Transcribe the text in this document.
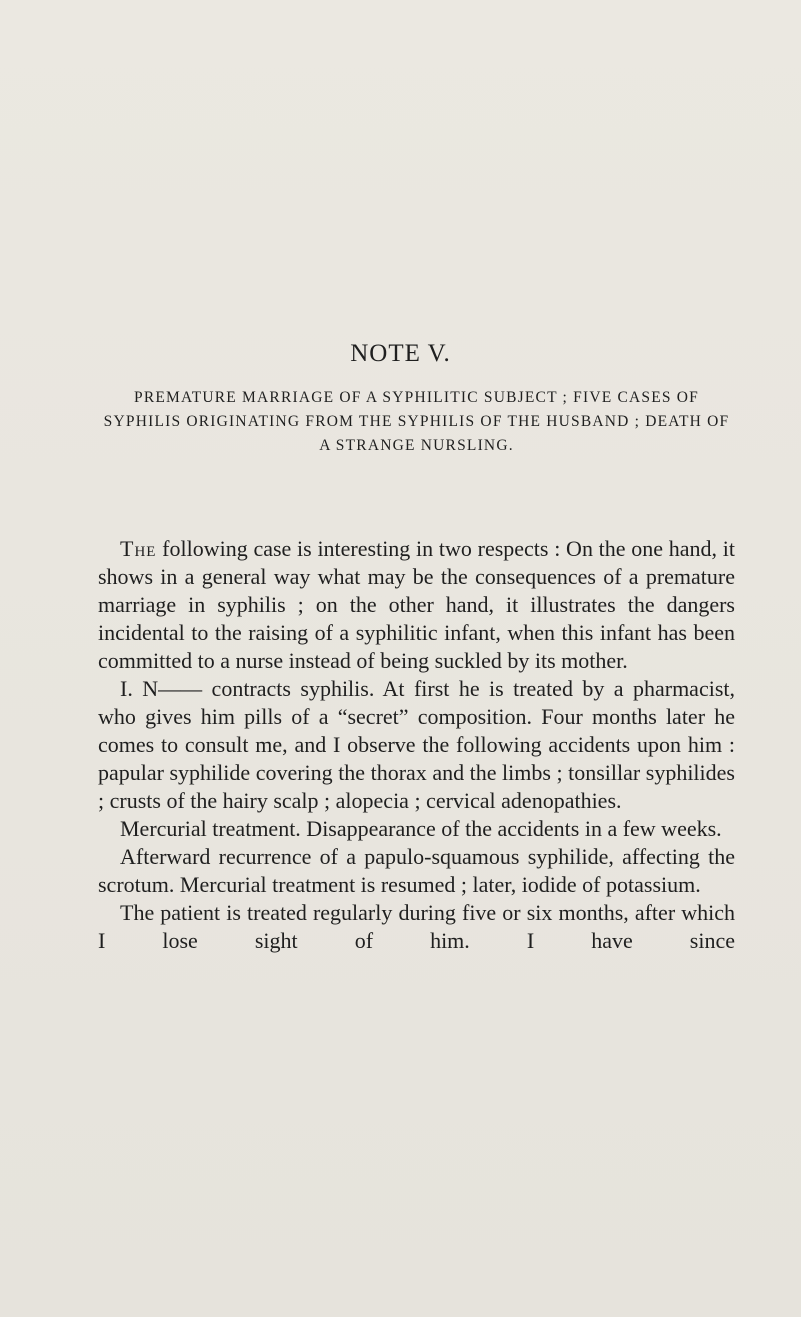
NOTE V.

PREMATURE MARRIAGE OF A SYPHILITIC SUBJECT ; FIVE CASES OF SYPHILIS ORIGINATING FROM THE SYPHILIS OF THE HUSBAND ; DEATH OF A STRANGE NURSLING.

The following case is interesting in two respects : On the one hand, it shows in a general way what may be the consequences of a premature marriage in syphilis ; on the other hand, it illustrates the dangers incidental to the raising of a syphilitic infant, when this infant has been committed to a nurse instead of being suckled by its mother.

I. N—— contracts syphilis. At first he is treated by a pharmacist, who gives him pills of a “secret” composition. Four months later he comes to consult me, and I observe the following accidents upon him : papular syphilide covering the thorax and the limbs ; tonsillar syphilides ; crusts of the hairy scalp ; alopecia ; cervical adenopathies.

Mercurial treatment. Disappearance of the accidents in a few weeks.

Afterward recurrence of a papulo-squamous syphilide, affecting the scrotum. Mercurial treatment is resumed ; later, iodide of potassium.

The patient is treated regularly during five or six months, after which I lose sight of him. I have since
